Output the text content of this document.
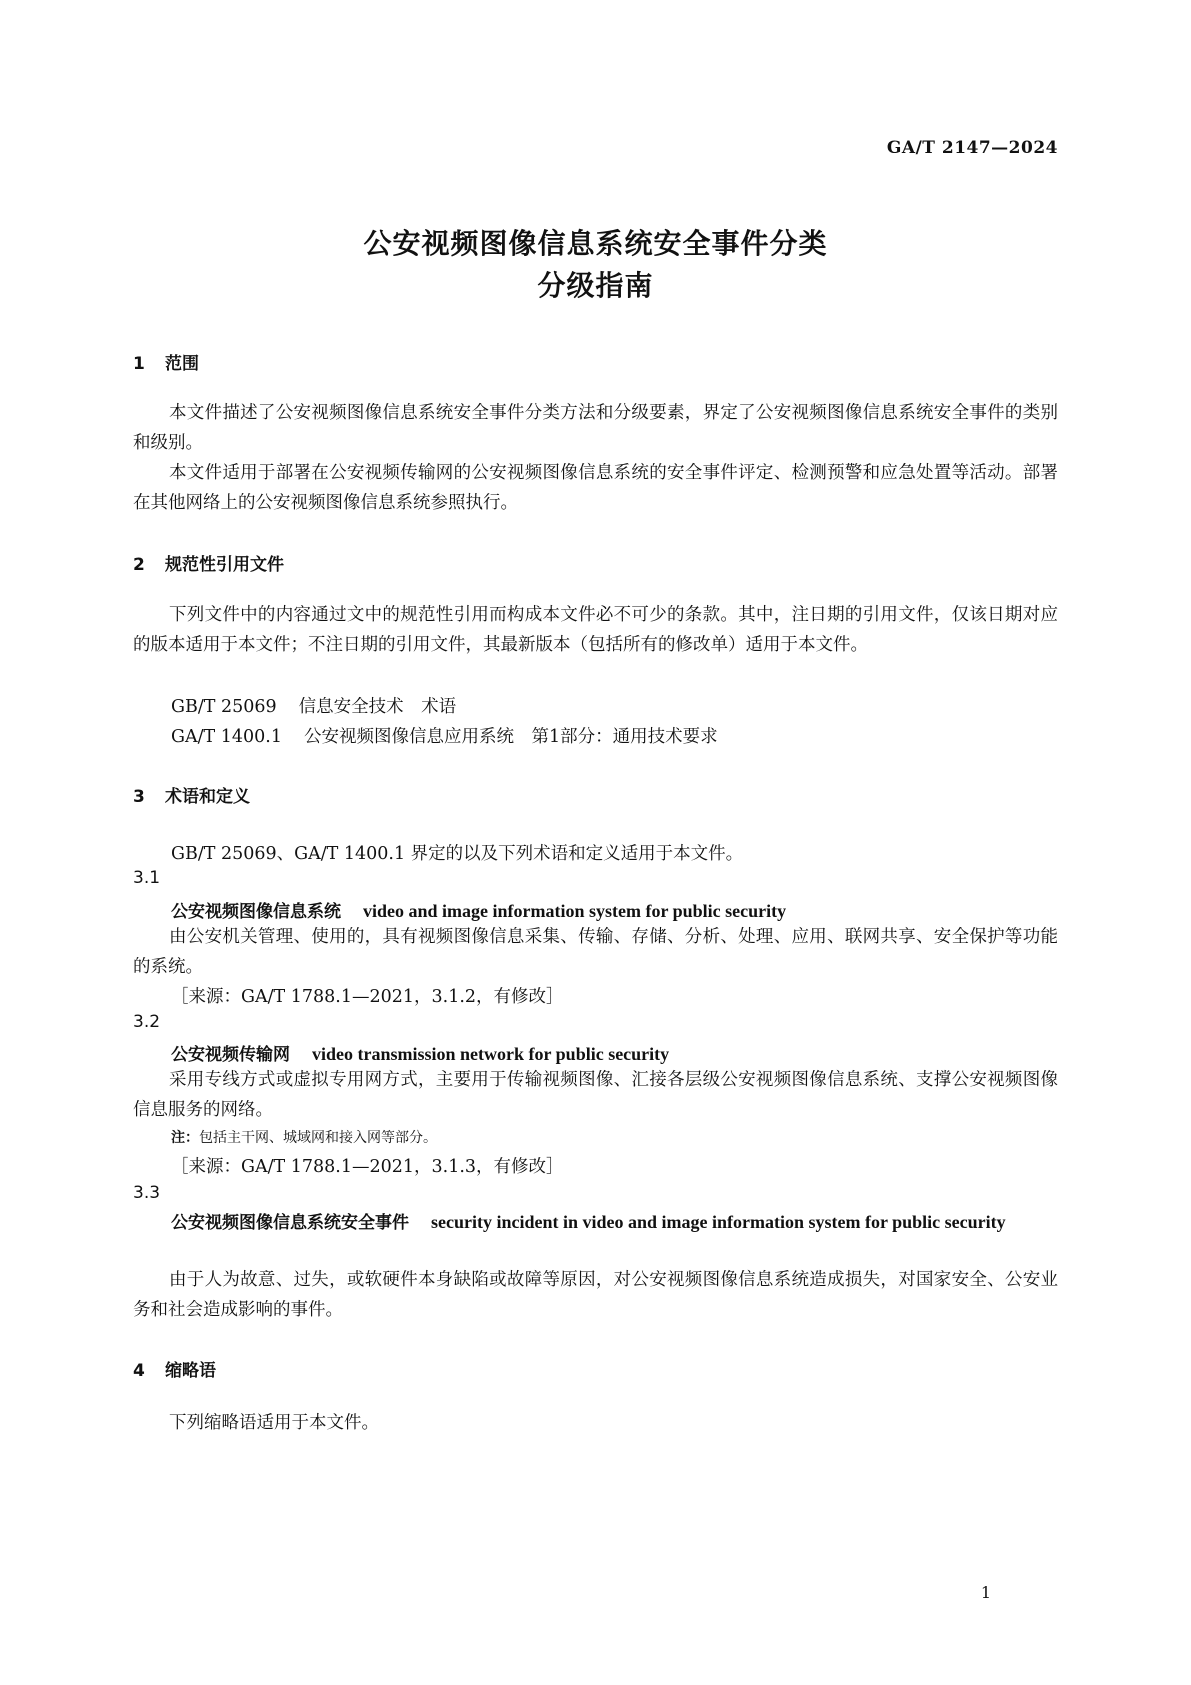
GA/T 2147—2024
公安视频图像信息系统安全事件分类
分级指南
1 范围
本文件描述了公安视频图像信息系统安全事件分类方法和分级要素，界定了公安视频图像信息系统安全事件的类别和级别。
本文件适用于部署在公安视频传输网的公安视频图像信息系统的安全事件评定、检测预警和应急处置等活动。部署在其他网络上的公安视频图像信息系统参照执行。
2 规范性引用文件
下列文件中的内容通过文中的规范性引用而构成本文件必不可少的条款。其中，注日期的引用文件，仅该日期对应的版本适用于本文件；不注日期的引用文件，其最新版本（包括所有的修改单）适用于本文件。
GB/T 25069 信息安全技术　术语
GA/T 1400.1 公安视频图像信息应用系统　第1部分：通用技术要求
3 术语和定义
GB/T 25069、GA/T 1400.1 界定的以及下列术语和定义适用于本文件。
3.1
公安视频图像信息系统 video and image information system for public security
由公安机关管理、使用的，具有视频图像信息采集、传输、存储、分析、处理、应用、联网共享、安全保护等功能的系统。
［来源：GA/T 1788.1—2021，3.1.2，有修改］
3.2
公安视频传输网 video transmission network for public security
采用专线方式或虚拟专用网方式，主要用于传输视频图像、汇接各层级公安视频图像信息系统、支撑公安视频图像信息服务的网络。
注：包括主干网、城域网和接入网等部分。
［来源：GA/T 1788.1—2021，3.1.3，有修改］
3.3
公安视频图像信息系统安全事件 security incident in video and image information system for public security
由于人为故意、过失，或软硬件本身缺陷或故障等原因，对公安视频图像信息系统造成损失，对国家安全、公安业务和社会造成影响的事件。
4 缩略语
下列缩略语适用于本文件。
1
